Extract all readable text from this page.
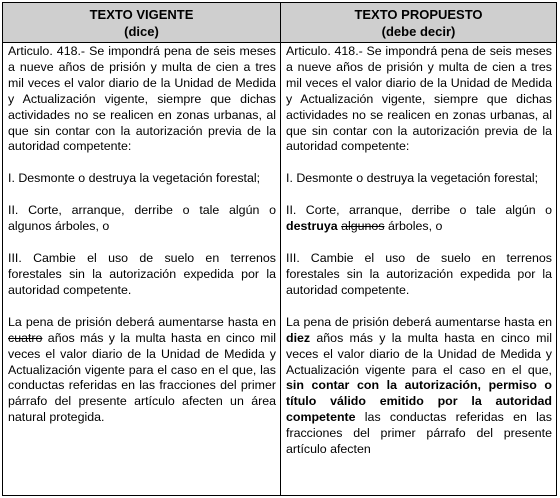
TEXTO VIGENTE
(dice)

Articulo. 418.- Se impondrá pena de seis meses a nueve años de prisión y multa de cien a tres mil veces el valor diario de la Unidad de Medida y Actualización vigente, siempre que dichas actividades no se realicen en zonas urbanas, al que sin contar con la autorización previa de la autoridad competente:

I. Desmonte o destruya la vegetación forestal;

II. Corte, arranque, derribe o tale algún o algunos árboles, o

III. Cambie el uso de suelo en terrenos forestales sin la autorización expedida por la autoridad competente.

La pena de prisión deberá aumentarse hasta en cuatro años más y la multa hasta en cinco mil veces el valor diario de la Unidad de Medida y Actualización vigente para el caso en el que, las conductas referidas en las fracciones del primer párrafo del presente artículo afecten un área natural protegida.

TEXTO PROPUESTO
(debe decir)

Articulo. 418.- Se impondrá pena de seis meses a nueve años de prisión y multa de cien a tres mil veces el valor diario de la Unidad de Medida y Actualización vigente, siempre que dichas actividades no se realicen en zonas urbanas, al que sin contar con la autorización previa de la autoridad competente:

I. Desmonte o destruya la vegetación forestal;

II. Corte, arranque, derribe o tale algún o destruya algunos árboles, o

III. Cambie el uso de suelo en terrenos forestales sin la autorización expedida por la autoridad competente.

La pena de prisión deberá aumentarse hasta en diez años más y la multa hasta en cinco mil veces el valor diario de la Unidad de Medida y Actualización vigente para el caso en el que, sin contar con la autorización, permiso o título válido emitido por la autoridad competente las conductas referidas en las fracciones del primer párrafo del presente artículo afecten
